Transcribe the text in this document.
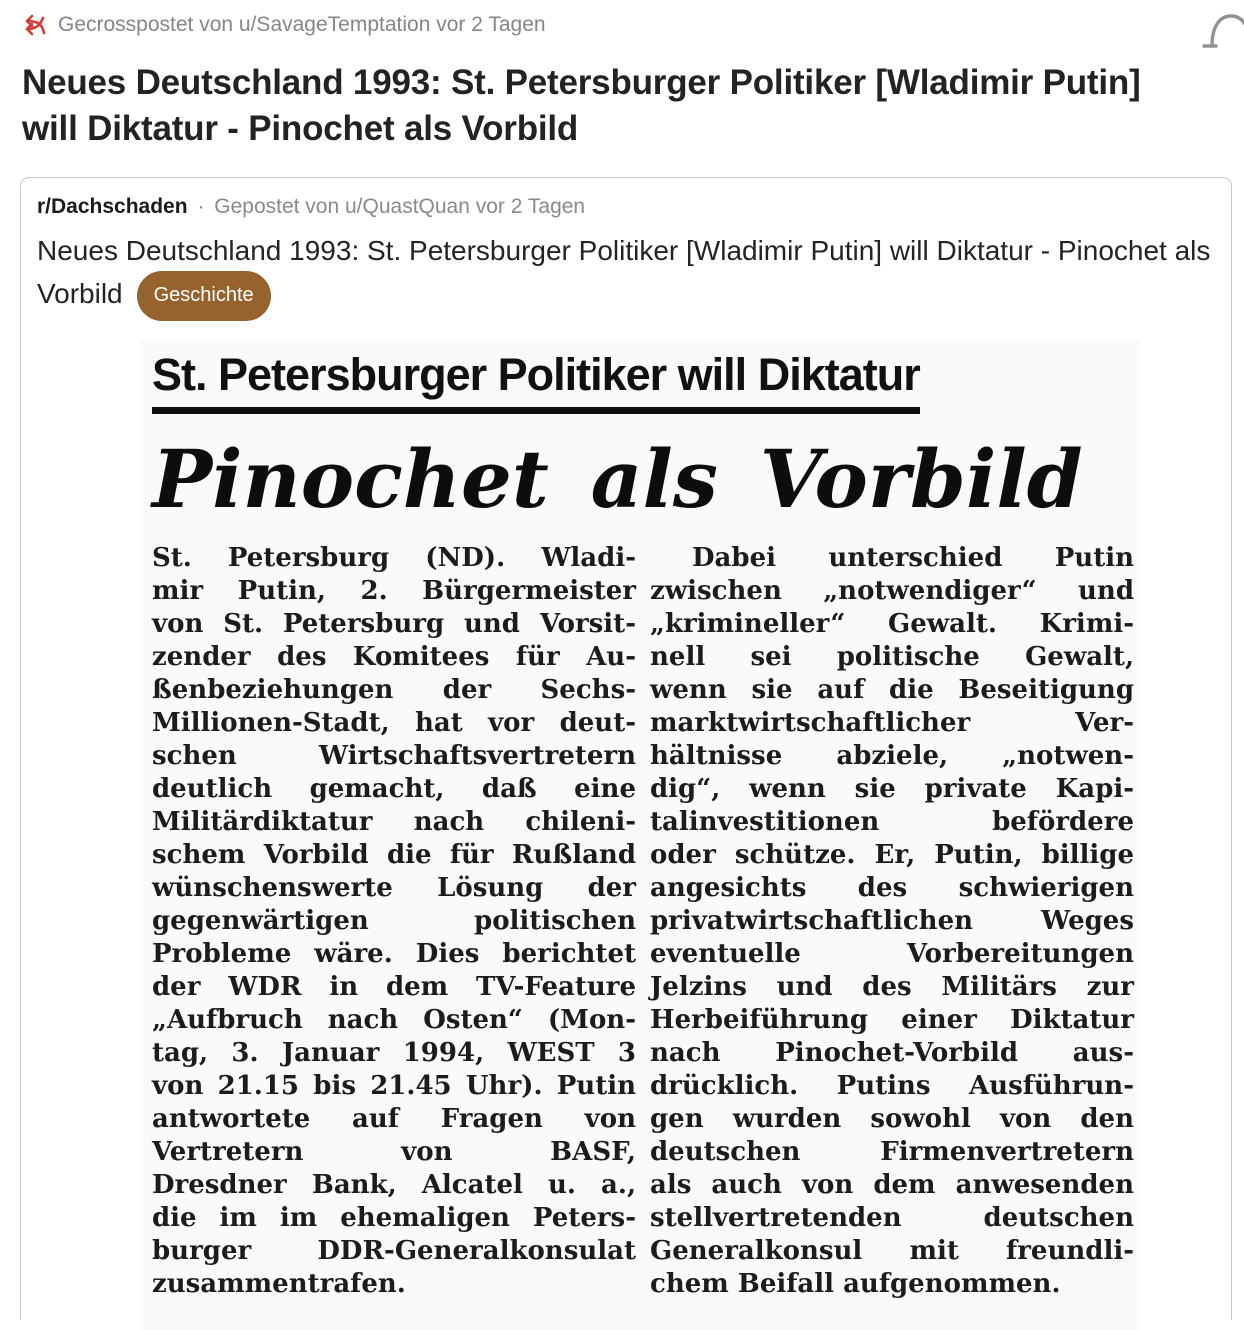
Gecrosspostet von u/SavageTemptation vor 2 Tagen
Neues Deutschland 1993: St. Petersburger Politiker [Wladimir Putin] will Diktatur - Pinochet als Vorbild
r/Dachschaden · Gepostet von u/QuastQuan vor 2 Tagen
Neues Deutschland 1993: St. Petersburger Politiker [Wladimir Putin] will Diktatur - Pinochet als Vorbild Geschichte
St. Petersburger Politiker will Diktatur
Pinochet als Vorbild
St. Petersburg (ND). Wladi-
mir Putin, 2. Bürgermeister
von St. Petersburg und Vorsit-
zender des Komitees für Au-
ßenbeziehungen der Sechs-
Millionen-Stadt, hat vor deut-
schen Wirtschaftsvertretern
deutlich gemacht, daß eine
Militärdiktatur nach chileni-
schem Vorbild die für Rußland
wünschenswerte Lösung der
gegenwärtigen politischen
Probleme wäre. Dies berichtet
der WDR in dem TV-Feature
„Aufbruch nach Osten“ (Mon-
tag, 3. Januar 1994, WEST 3
von 21.15 bis 21.45 Uhr). Putin
antwortete auf Fragen von
Vertretern von BASF,
Dresdner Bank, Alcatel u. a.,
die im im ehemaligen Peters-
burger DDR-Generalkonsulat
zusammentrafen.
Dabei unterschied Putin
zwischen „notwendiger“ und
„krimineller“ Gewalt. Krimi-
nell sei politische Gewalt,
wenn sie auf die Beseitigung
marktwirtschaftlicher Ver-
hältnisse abziele, „notwen-
dig“, wenn sie private Kapi-
talinvestitionen befördere
oder schütze. Er, Putin, billige
angesichts des schwierigen
privatwirtschaftlichen Weges
eventuelle Vorbereitungen
Jelzins und des Militärs zur
Herbeiführung einer Diktatur
nach Pinochet-Vorbild aus-
drücklich. Putins Ausführun-
gen wurden sowohl von den
deutschen Firmenvertretern
als auch von dem anwesenden
stellvertretenden deutschen
Generalkonsul mit freundli-
chem Beifall aufgenommen.
